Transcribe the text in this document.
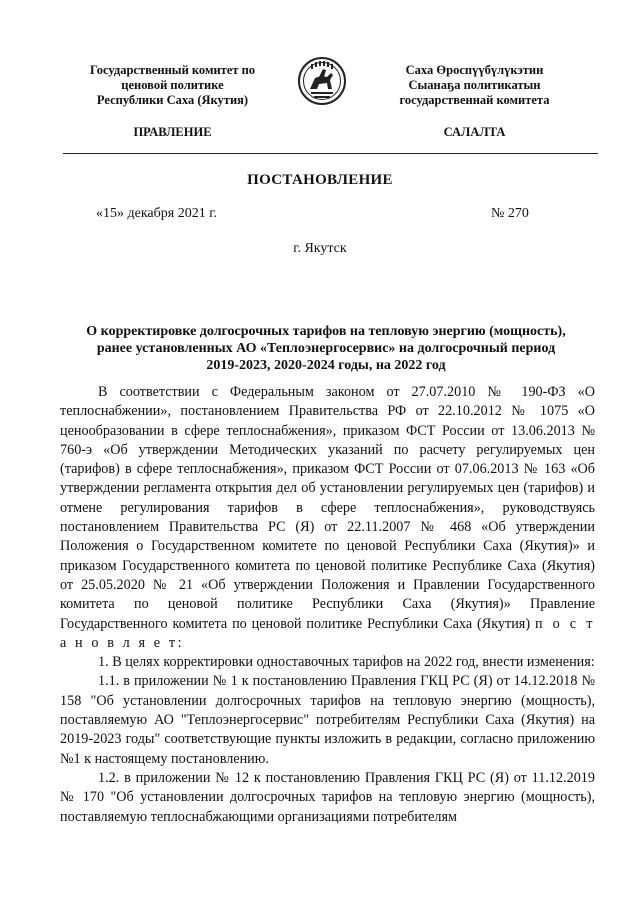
Государственный комитет по
ценовой политике
Республики Саха (Якутия)
Саха Өроспүүбүлүкэтин
Сыанаҕа политикатын
государственнай комитета
ПРАВЛЕНИЕ	САЛАЛТА
ПОСТАНОВЛЕНИЕ
«15» декабря 2021 г.	№ 270
г. Якутск
О корректировке долгосрочных тарифов на тепловую энергию (мощность),
ранее установленных АО «Теплоэнергосервис» на долгосрочный период
2019-2023, 2020-2024 годы, на 2022 год

В соответствии с Федеральным законом от 27.07.2010 № 190-ФЗ «О теплоснабжении», постановлением Правительства РФ от 22.10.2012 № 1075 «О ценообразовании в сфере теплоснабжения», приказом ФСТ России от 13.06.2013 № 760-э «Об утверждении Методических указаний по расчету регулируемых цен (тарифов) в сфере теплоснабжения», приказом ФСТ России от 07.06.2013 № 163 «Об утверждении регламента открытия дел об установлении регулируемых цен (тарифов) и отмене регулирования тарифов в сфере теплоснабжения», руководствуясь постановлением Правительства РС (Я) от 22.11.2007 № 468 «Об утверждении Положения о Государственном комитете по ценовой Республики Саха (Якутия)» и приказом Государственного комитета по ценовой политике Республике Саха (Якутия) от 25.05.2020 № 21 «Об утверждении Положения и Правлении Государственного комитета по ценовой политике Республики Саха (Якутия)» Правление Государственного комитета по ценовой политике Республики Саха (Якутия) п о с т а н о в л я е т:

1. В целях корректировки одноставочных тарифов на 2022 год, внести изменения:

1.1. в приложении № 1 к постановлению Правления ГКЦ РС (Я) от 14.12.2018 № 158 "Об установлении долгосрочных тарифов на тепловую энергию (мощность), поставляемую АО "Теплоэнергосервис" потребителям Республики Саха (Якутия) на 2019-2023 годы" соответствующие пункты изложить в редакции, согласно приложению №1 к настоящему постановлению.

1.2. в приложении № 12 к постановлению Правления ГКЦ РС (Я) от 11.12.2019 № 170 "Об установлении долгосрочных тарифов на тепловую энергию (мощность), поставляемую теплоснабжающими организациями потребителям
